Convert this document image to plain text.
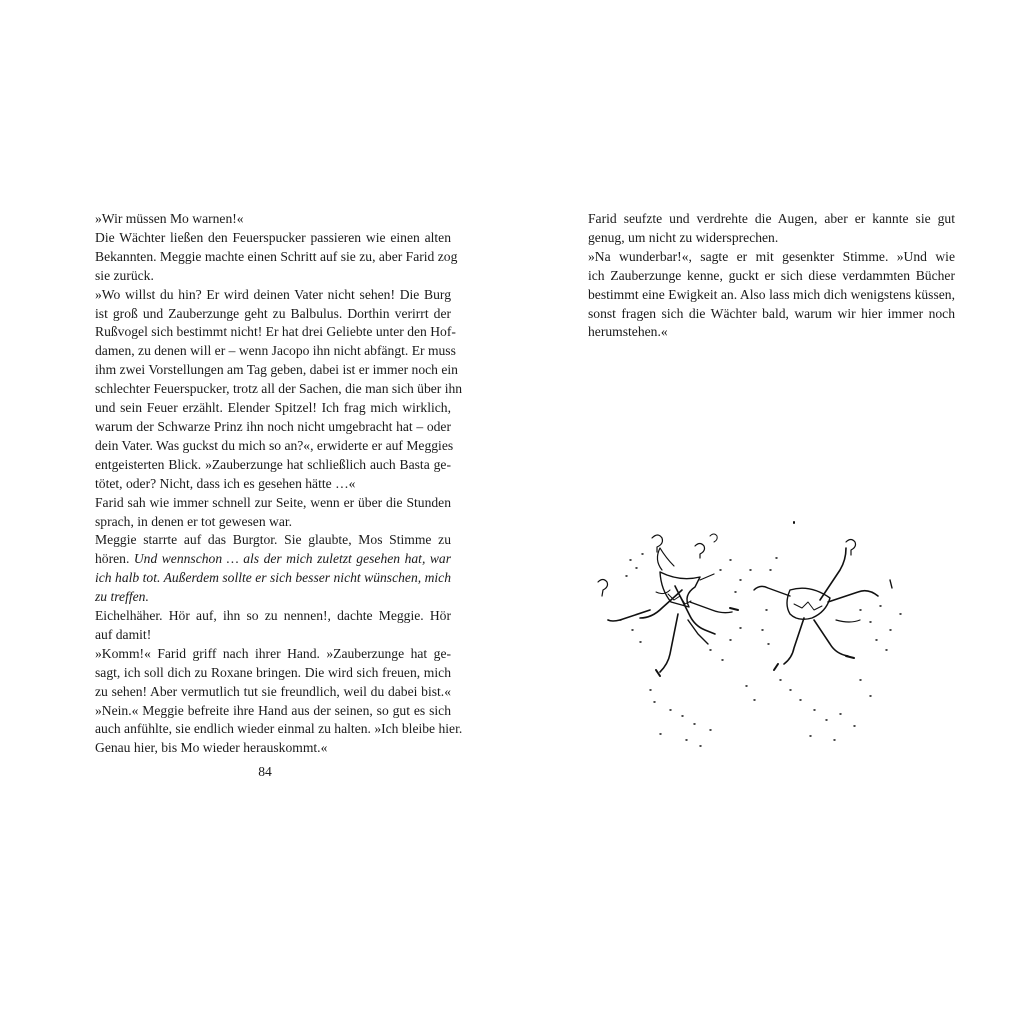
»Wir müssen Mo warnen!«
Die Wächter ließen den Feuerspucker passieren wie einen alten
Bekannten. Meggie machte einen Schritt auf sie zu, aber Farid zog
sie zurück.
»Wo willst du hin? Er wird deinen Vater nicht sehen! Die Burg
ist groß und Zauberzunge geht zu Balbulus. Dorthin verirrt der
Rußvogel sich bestimmt nicht! Er hat drei Geliebte unter den Hof-
damen, zu denen will er – wenn Jacopo ihn nicht abfängt. Er muss
ihm zwei Vorstellungen am Tag geben, dabei ist er immer noch ein
schlechter Feuerspucker, trotz all der Sachen, die man sich über ihn
und sein Feuer erzählt. Elender Spitzel! Ich frag mich wirklich,
warum der Schwarze Prinz ihn noch nicht umgebracht hat – oder
dein Vater. Was guckst du mich so an?«, erwiderte er auf Meggies
entgeisterten Blick. »Zauberzunge hat schließlich auch Basta ge-
tötet, oder? Nicht, dass ich es gesehen hätte …«
Farid sah wie immer schnell zur Seite, wenn er über die Stunden
sprach, in denen er tot gewesen war.
Meggie starrte auf das Burgtor. Sie glaubte, Mos Stimme zu
hören. Und wennschon … als der mich zuletzt gesehen hat, war
ich halb tot. Außerdem sollte er sich besser nicht wünschen, mich
zu treffen.
Eichelhäher. Hör auf, ihn so zu nennen!, dachte Meggie. Hör
auf damit!
»Komm!« Farid griff nach ihrer Hand. »Zauberzunge hat ge-
sagt, ich soll dich zu Roxane bringen. Die wird sich freuen, mich
zu sehen! Aber vermutlich tut sie freundlich, weil du dabei bist.«
»Nein.« Meggie befreite ihre Hand aus der seinen, so gut es sich
auch anfühlte, sie endlich wieder einmal zu halten. »Ich bleibe hier.
Genau hier, bis Mo wieder herauskommt.«
84
Farid seufzte und verdrehte die Augen, aber er kannte sie gut
genug, um nicht zu widersprechen.
»Na wunderbar!«, sagte er mit gesenkter Stimme. »Und wie
ich Zauberzunge kenne, guckt er sich diese verdammten Bücher
bestimmt eine Ewigkeit an. Also lass mich dich wenigstens küssen,
sonst fragen sich die Wächter bald, warum wir hier immer noch
herumstehen.«
